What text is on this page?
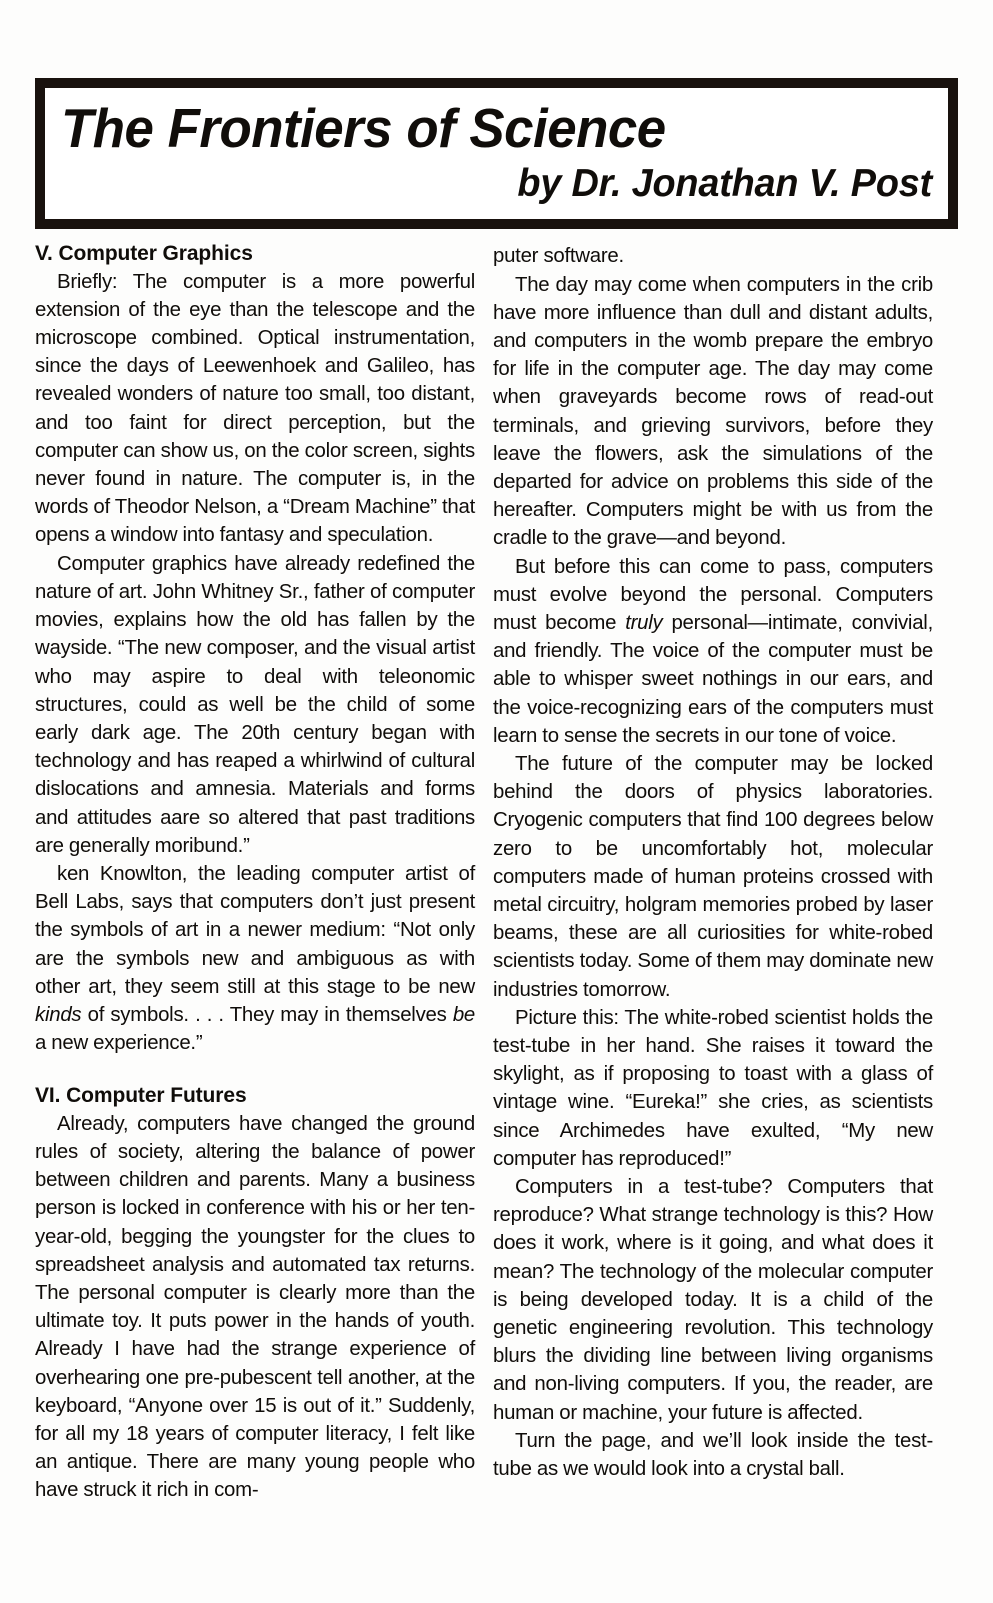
The Frontiers of Science
by Dr. Jonathan V. Post
V. Computer Graphics

Briefly: The computer is a more powerful extension of the eye than the telescope and the microscope combined. Optical instrumentation, since the days of Leewenhoek and Galileo, has revealed wonders of nature too small, too distant, and too faint for direct perception, but the computer can show us, on the color screen, sights never found in nature. The computer is, in the words of Theodor Nelson, a “Dream Machine” that opens a window into fantasy and speculation.

Computer graphics have already redefined the nature of art. John Whitney Sr., father of computer movies, explains how the old has fallen by the wayside. “The new composer, and the visual artist who may aspire to deal with teleonomic structures, could as well be the child of some early dark age. The 20th century began with technology and has reaped a whirlwind of cultural dislocations and amnesia. Materials and forms and attitudes aare so altered that past traditions are generally moribund.”

ken Knowlton, the leading computer artist of Bell Labs, says that computers don’t just present the symbols of art in a newer medium: “Not only are the symbols new and ambiguous as with other art, they seem still at this stage to be new kinds of symbols. . . . They may in themselves be a new experience.”

VI. Computer Futures

Already, computers have changed the ground rules of society, altering the balance of power between children and parents. Many a business person is locked in conference with his or her ten-year-old, begging the youngster for the clues to spreadsheet analysis and automated tax returns. The personal computer is clearly more than the ultimate toy. It puts power in the hands of youth. Already I have had the strange experience of overhearing one pre-pubescent tell another, at the keyboard, “Anyone over 15 is out of it.” Suddenly, for all my 18 years of computer literacy, I felt like an antique. There are many young people who have struck it rich in com-

puter software.

The day may come when computers in the crib have more influence than dull and distant adults, and computers in the womb prepare the embryo for life in the computer age. The day may come when graveyards become rows of read-out terminals, and grieving survivors, before they leave the flowers, ask the simulations of the departed for advice on problems this side of the hereafter. Computers might be with us from the cradle to the grave—and beyond.

But before this can come to pass, computers must evolve beyond the personal. Computers must become truly personal—intimate, convivial, and friendly. The voice of the computer must be able to whisper sweet nothings in our ears, and the voice-recognizing ears of the computers must learn to sense the secrets in our tone of voice.

The future of the computer may be locked behind the doors of physics laboratories. Cryogenic computers that find 100 degrees below zero to be uncomfortably hot, molecular computers made of human proteins crossed with metal circuitry, holgram memories probed by laser beams, these are all curiosities for white-robed scientists today. Some of them may dominate new industries tomorrow.

Picture this: The white-robed scientist holds the test-tube in her hand. She raises it toward the skylight, as if proposing to toast with a glass of vintage wine. “Eureka!” she cries, as scientists since Archimedes have exulted, “My new computer has reproduced!”

Computers in a test-tube? Computers that reproduce? What strange technology is this? How does it work, where is it going, and what does it mean? The technology of the molecular computer is being developed today. It is a child of the genetic engineering revolution. This technology blurs the dividing line between living organisms and non-living computers. If you, the reader, are human or machine, your future is affected.

Turn the page, and we’ll look inside the test-tube as we would look into a crystal ball.
